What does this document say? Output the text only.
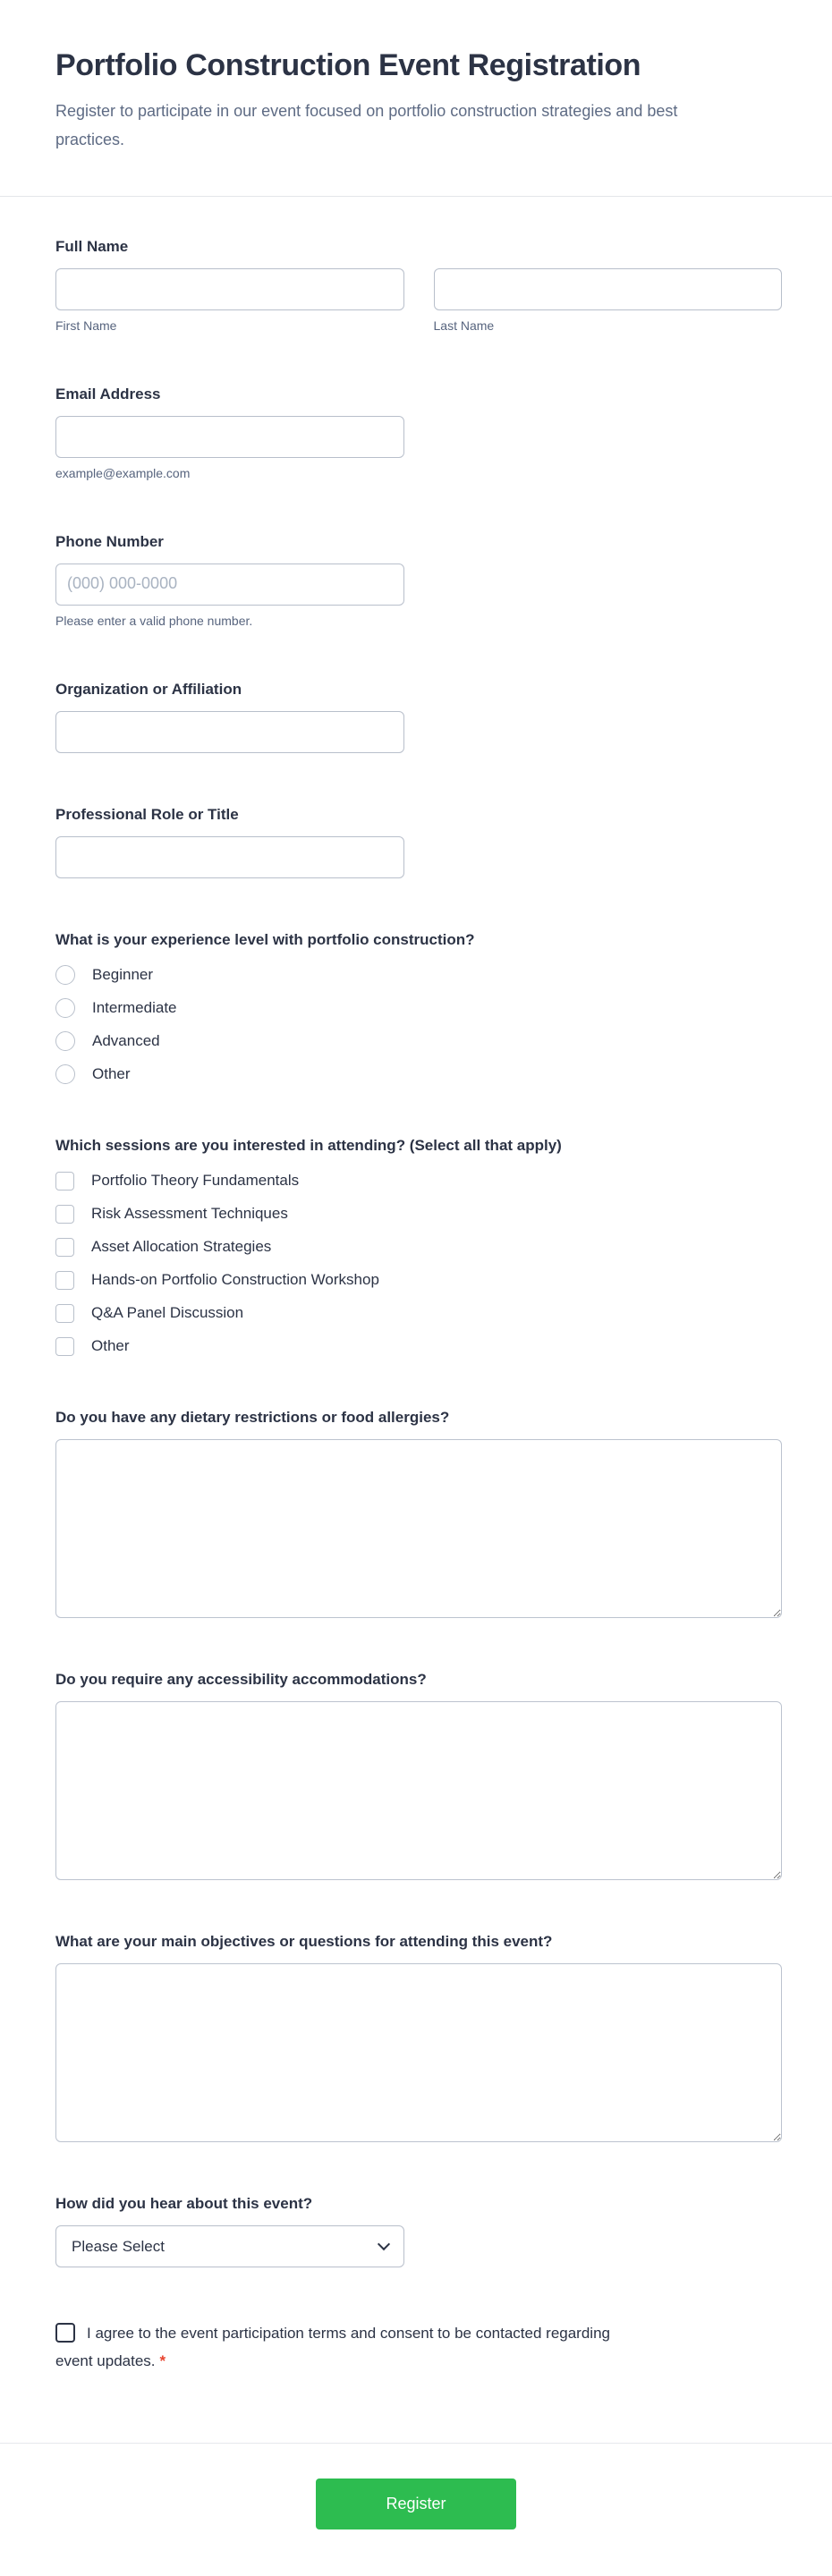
Portfolio Construction Event Registration

Register to participate in our event focused on portfolio construction strategies and best practices.

Full Name
First Name	Last Name
Email Address
example@example.com
Phone Number
(000) 000-0000
Please enter a valid phone number.
Organization or Affiliation
Professional Role or Title
What is your experience level with portfolio construction?
Beginner
Intermediate
Advanced
Other
Which sessions are you interested in attending? (Select all that apply)
Portfolio Theory Fundamentals
Risk Assessment Techniques
Asset Allocation Strategies
Hands-on Portfolio Construction Workshop
Q&A Panel Discussion
Other
Do you have any dietary restrictions or food allergies?
Do you require any accessibility accommodations?
What are your main objectives or questions for attending this event?
How did you hear about this event?
Please Select
I agree to the event participation terms and consent to be contacted regarding event updates. *
Register
